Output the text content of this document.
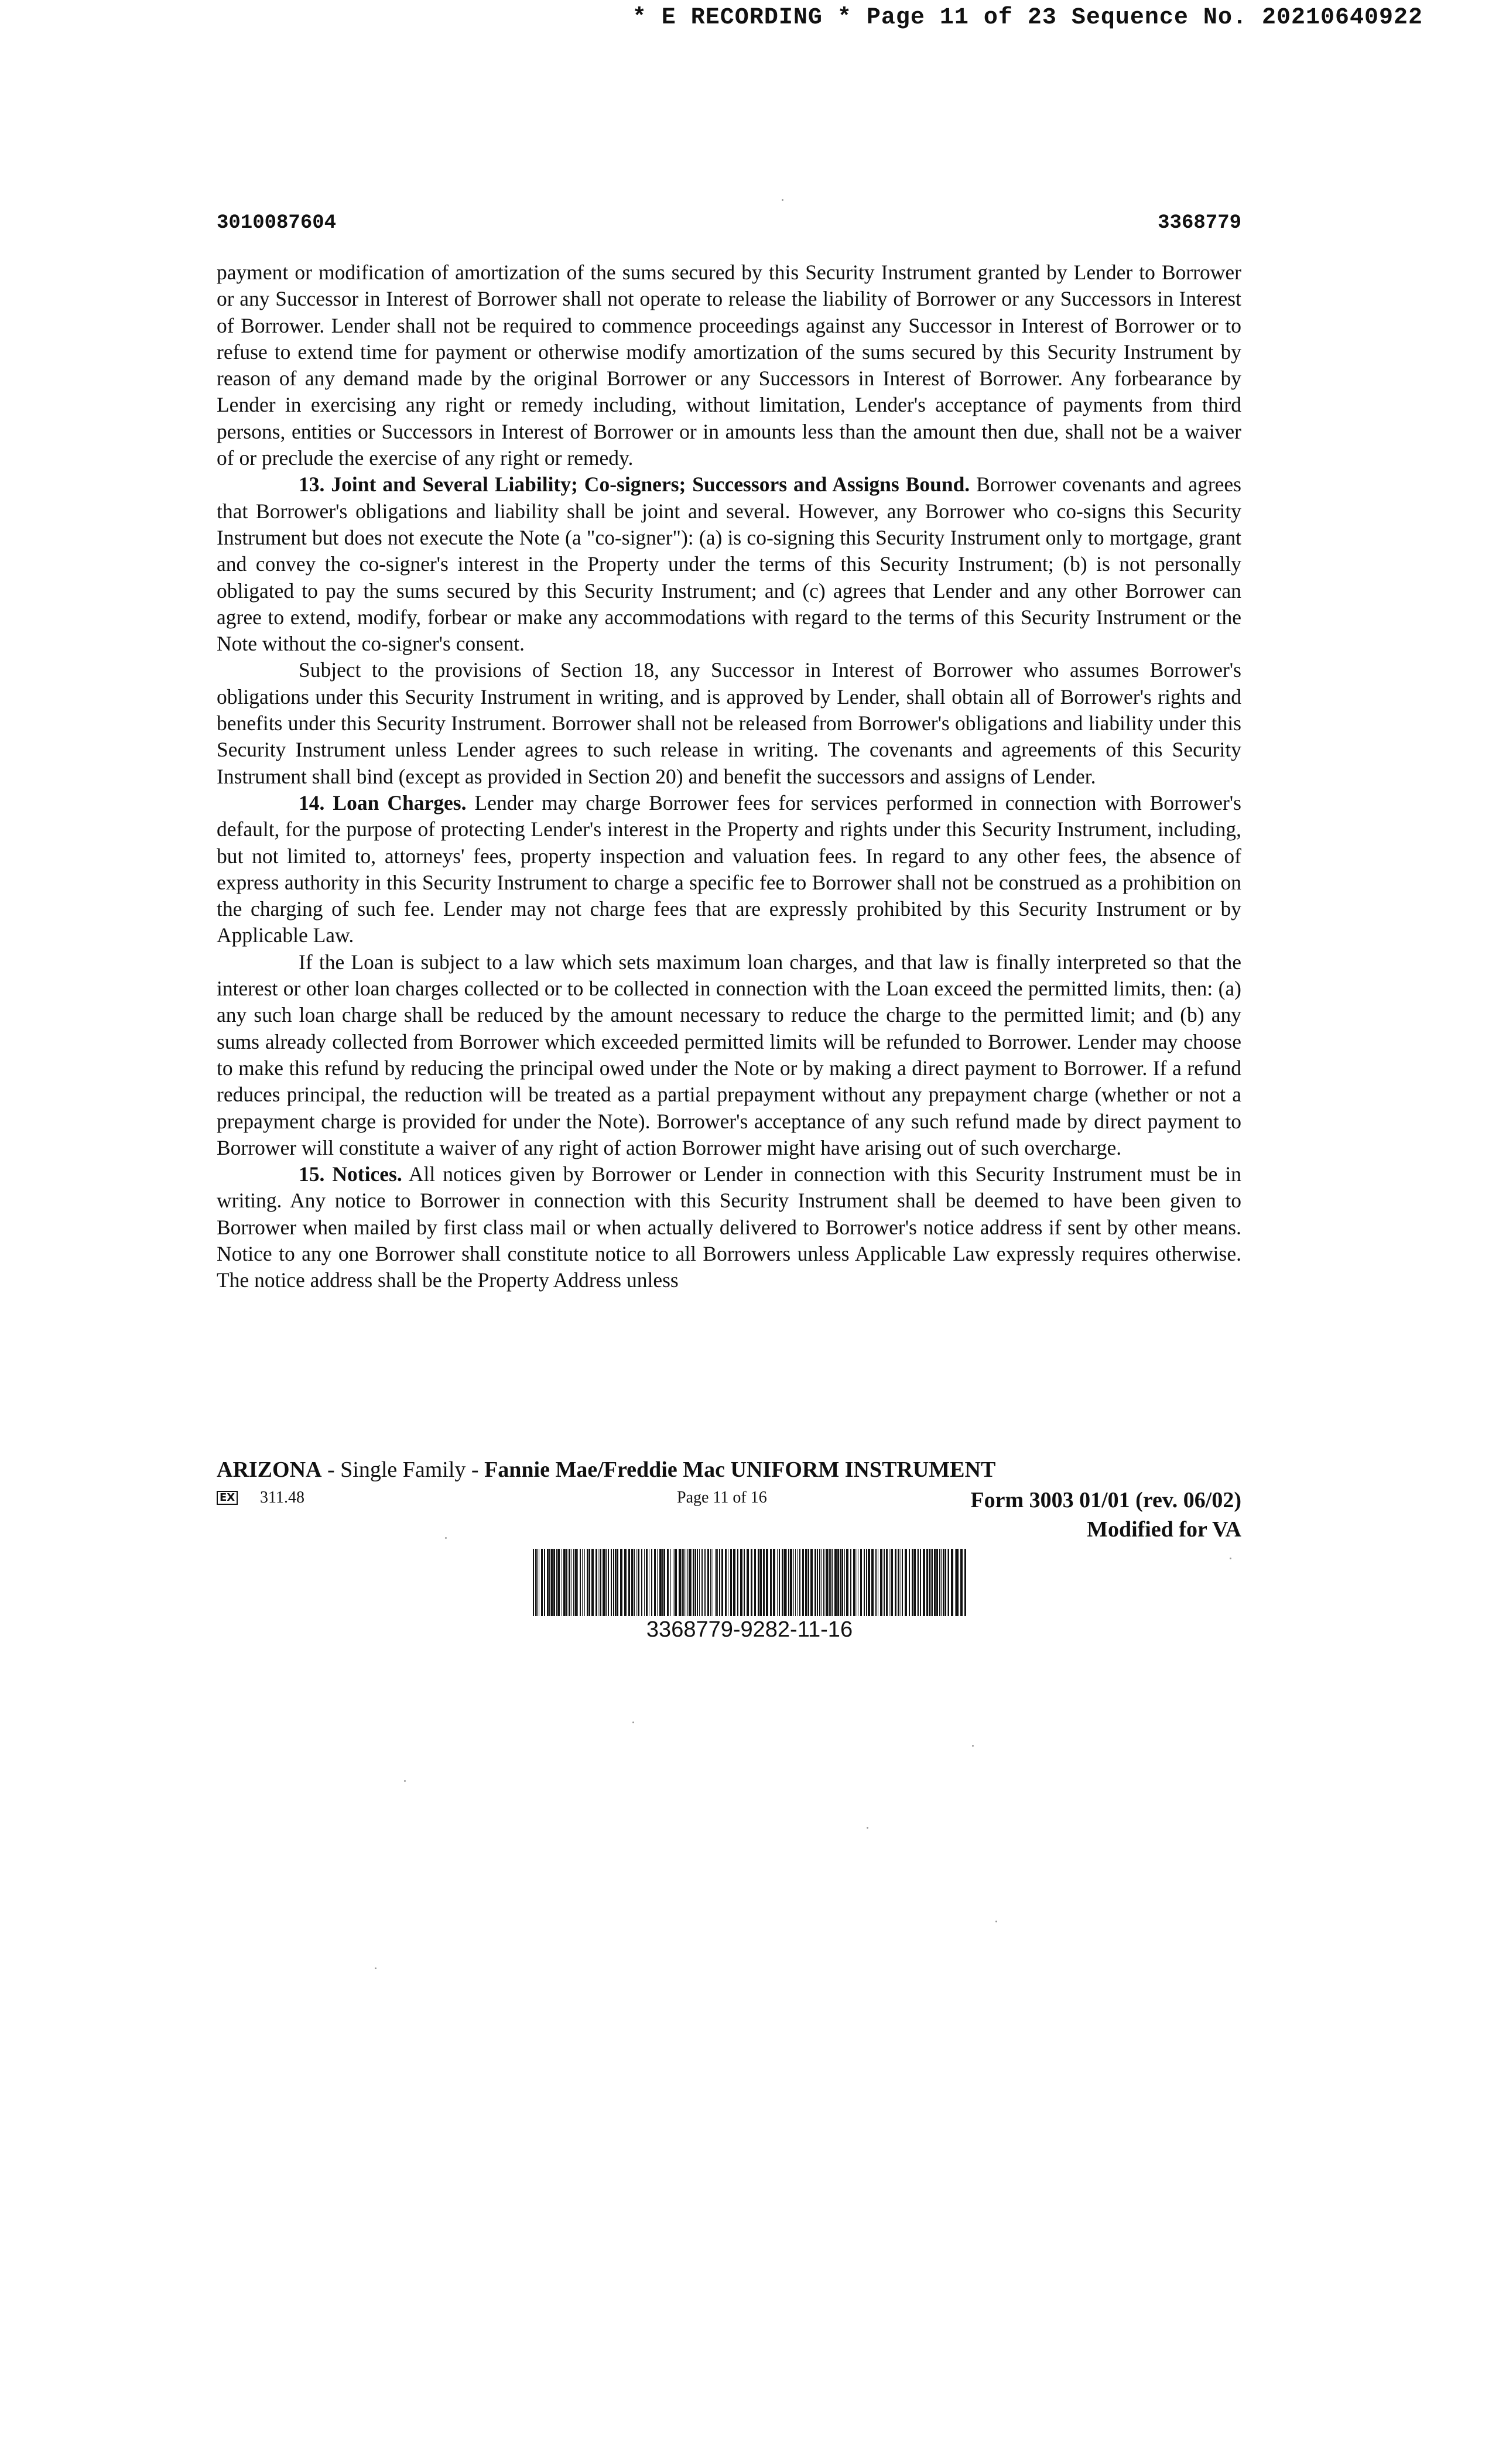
* E RECORDING * Page 11 of 23 Sequence No. 20210640922
3010087604	3368779

payment or modification of amortization of the sums secured by this Security Instrument granted by Lender to Borrower or any Successor in Interest of Borrower shall not operate to release the liability of Borrower or any Successors in Interest of Borrower. Lender shall not be required to commence proceedings against any Successor in Interest of Borrower or to refuse to extend time for payment or otherwise modify amortization of the sums secured by this Security Instrument by reason of any demand made by the original Borrower or any Successors in Interest of Borrower. Any forbearance by Lender in exercising any right or remedy including, without limitation, Lender's acceptance of payments from third persons, entities or Successors in Interest of Borrower or in amounts less than the amount then due, shall not be a waiver of or preclude the exercise of any right or remedy.

13. Joint and Several Liability; Co-signers; Successors and Assigns Bound. Borrower covenants and agrees that Borrower's obligations and liability shall be joint and several. However, any Borrower who co-signs this Security Instrument but does not execute the Note (a "co-signer"): (a) is co-signing this Security Instrument only to mortgage, grant and convey the co-signer's interest in the Property under the terms of this Security Instrument; (b) is not personally obligated to pay the sums secured by this Security Instrument; and (c) agrees that Lender and any other Borrower can agree to extend, modify, forbear or make any accommodations with regard to the terms of this Security Instrument or the Note without the co-signer's consent.

Subject to the provisions of Section 18, any Successor in Interest of Borrower who assumes Borrower's obligations under this Security Instrument in writing, and is approved by Lender, shall obtain all of Borrower's rights and benefits under this Security Instrument. Borrower shall not be released from Borrower's obligations and liability under this Security Instrument unless Lender agrees to such release in writing. The covenants and agreements of this Security Instrument shall bind (except as provided in Section 20) and benefit the successors and assigns of Lender.

14. Loan Charges. Lender may charge Borrower fees for services performed in connection with Borrower's default, for the purpose of protecting Lender's interest in the Property and rights under this Security Instrument, including, but not limited to, attorneys' fees, property inspection and valuation fees. In regard to any other fees, the absence of express authority in this Security Instrument to charge a specific fee to Borrower shall not be construed as a prohibition on the charging of such fee. Lender may not charge fees that are expressly prohibited by this Security Instrument or by Applicable Law.

If the Loan is subject to a law which sets maximum loan charges, and that law is finally interpreted so that the interest or other loan charges collected or to be collected in connection with the Loan exceed the permitted limits, then: (a) any such loan charge shall be reduced by the amount necessary to reduce the charge to the permitted limit; and (b) any sums already collected from Borrower which exceeded permitted limits will be refunded to Borrower. Lender may choose to make this refund by reducing the principal owed under the Note or by making a direct payment to Borrower. If a refund reduces principal, the reduction will be treated as a partial prepayment without any prepayment charge (whether or not a prepayment charge is provided for under the Note). Borrower's acceptance of any such refund made by direct payment to Borrower will constitute a waiver of any right of action Borrower might have arising out of such overcharge.

15. Notices. All notices given by Borrower or Lender in connection with this Security Instrument must be in writing. Any notice to Borrower in connection with this Security Instrument shall be deemed to have been given to Borrower when mailed by first class mail or when actually delivered to Borrower's notice address if sent by other means. Notice to any one Borrower shall constitute notice to all Borrowers unless Applicable Law expressly requires otherwise. The notice address shall be the Property Address unless

ARIZONA - Single Family - Fannie Mae/Freddie Mac UNIFORM INSTRUMENT
EX 311.48	Page 11 of 16	Form 3003 01/01 (rev. 06/02)
Modified for VA
3368779-9282-11-16
